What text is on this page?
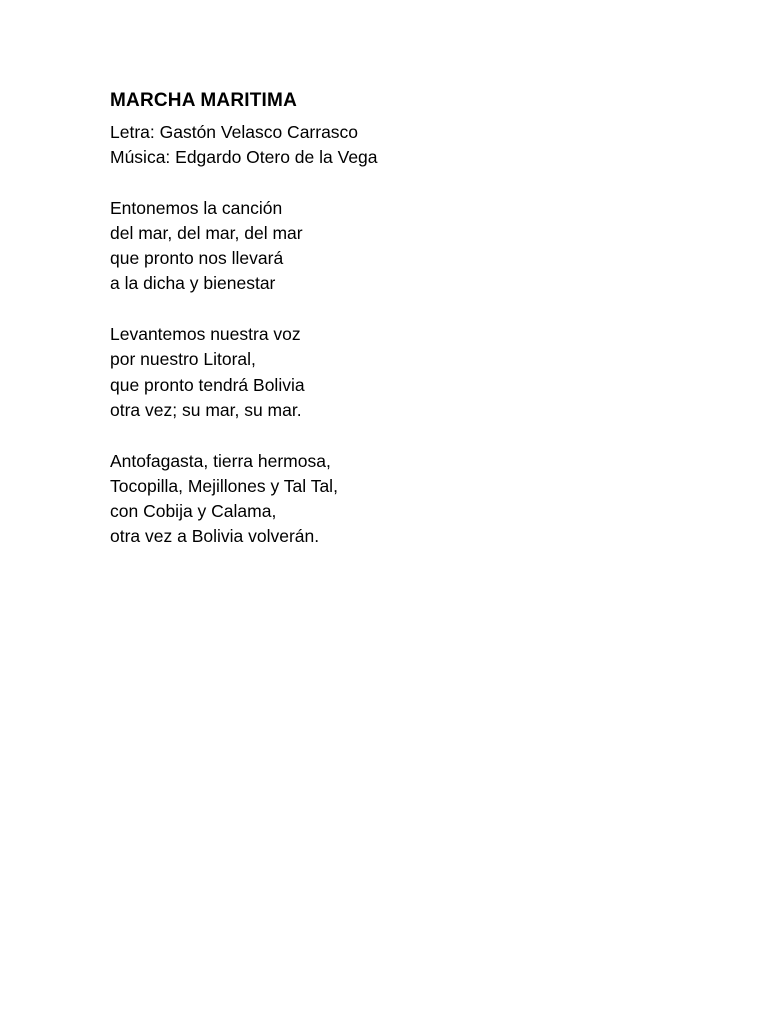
MARCHA MARITIMA
Letra: Gastón Velasco Carrasco
Música: Edgardo Otero de la Vega
Entonemos la canción
del mar, del mar, del mar
que pronto nos llevará
a la dicha y bienestar
Levantemos nuestra voz
por nuestro Litoral,
que pronto tendrá Bolivia
otra vez; su mar, su mar.
Antofagasta, tierra hermosa,
Tocopilla, Mejillones y Tal Tal,
con Cobija y Calama,
otra vez a Bolivia volverán.
